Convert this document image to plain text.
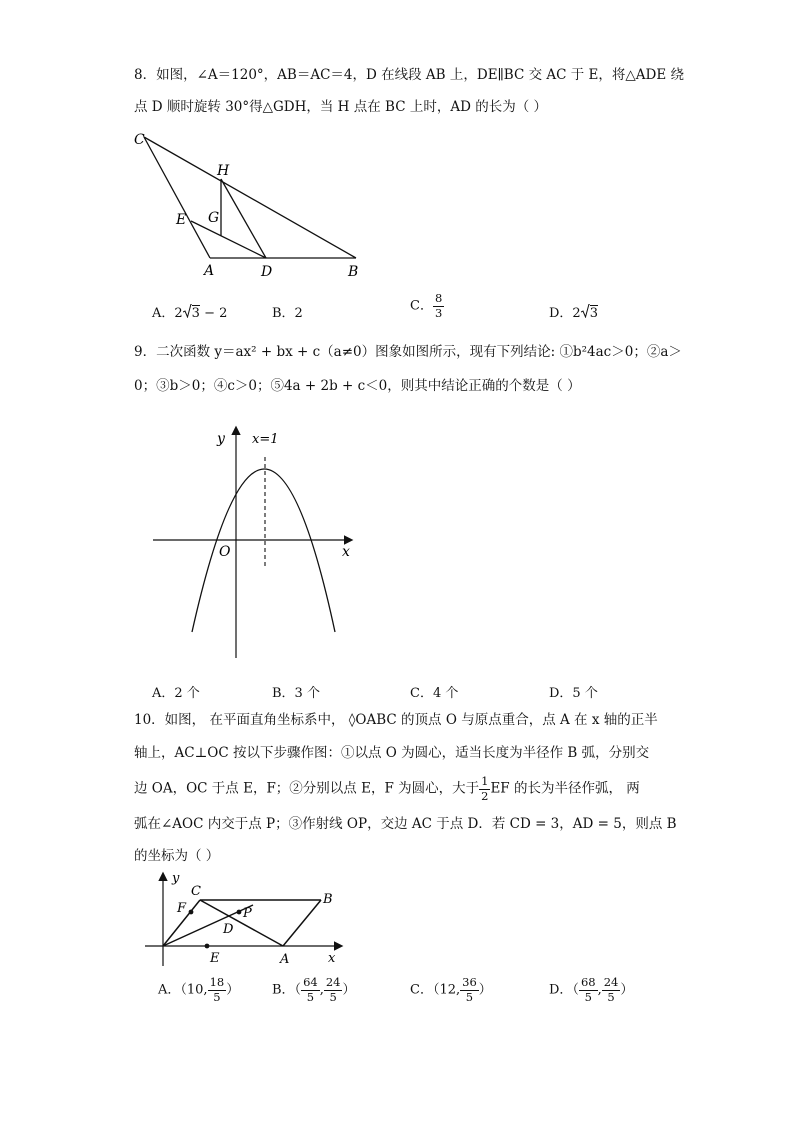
8．如图，∠A＝120°，AB＝AC＝4，D 在线段 AB 上，DE∥BC 交 AC 于 E，将△ADE 绕
点 D 顺时旋转 30°得△GDH，当 H 点在 BC 上时，AD 的长为（ ）
C
H
E G
A	D	B
A．2 3 − 2	B．2	C． $\frac{8}{3}$	D．2 3
9．二次函数 y＝ax² + bx + c（a≠0）图象如图所示，现有下列结论: ①b²4ac＞0；②a＞
0；③b＞0；④c＞0；⑤4a + 2b + c＜0，则其中结论正确的个数是（ ）
y
x
O
x=1
A．2 个	B．3 个	C．4 个	D．5 个
10．如图， 在平面直角坐标系中， ◊OABC 的顶点 O 与原点重合，点 A 在 x 轴的正半
轴上，AC⊥OC 按以下步骤作图：①以点 O 为圆心，适当长度为半径作 B 弧，分别交
边 OA，OC 于点 E，F；②分别以点 E，F 为圆心，大于 $\frac{1}{2}$ EF 的长为半径作弧， 两
弧在∠AOC 内交于点 P；③作射线 OP，交边 AC 于点 D．若 CD = 3，AD = 5，则点 B
的坐标为（ ）
y
x
C
B
F	P
D
E	A
A．（10, $\frac{18}{5}$ ）	B．（ $\frac{64}{5}$ , $\frac{24}{5}$ ）	C．（12, $\frac{36}{5}$ ）	D．（ $\frac{68}{5}$ , $\frac{24}{5}$ ）
